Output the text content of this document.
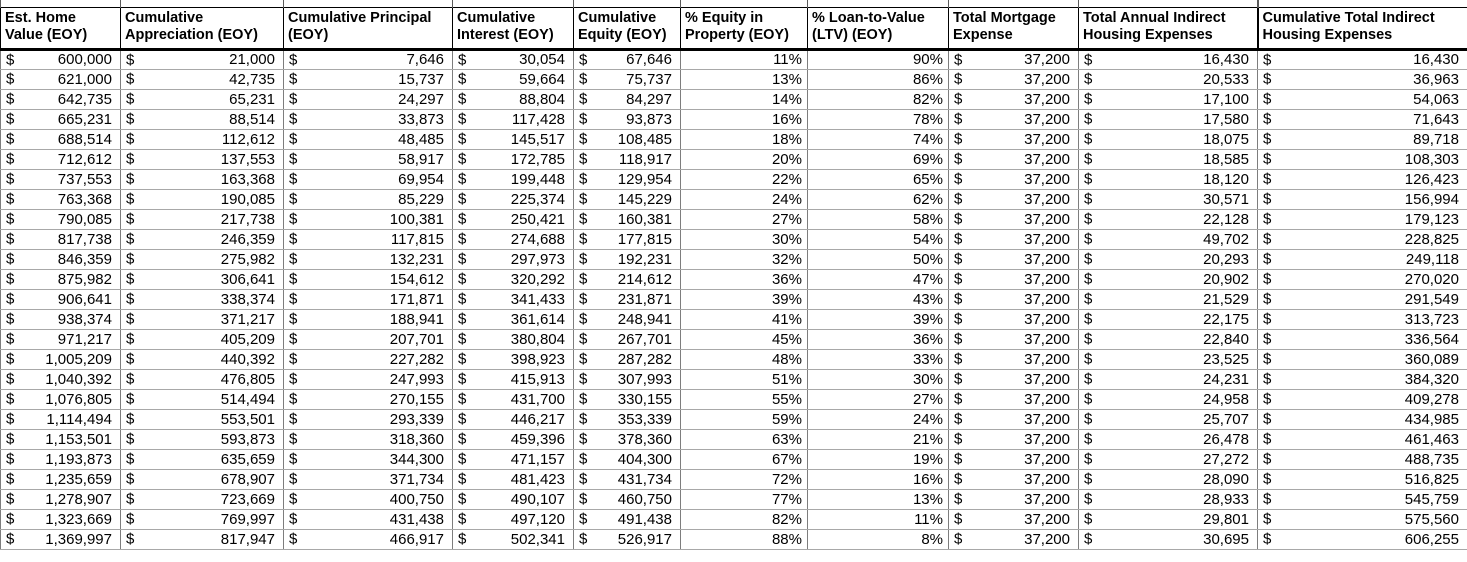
Est. Home Value (EOY)	Cumulative Appreciation (EOY)	Cumulative Principal (EOY)	Cumulative Interest (EOY)	Cumulative Equity (EOY)	% Equity in Property (EOY)	% Loan-to-Value (LTV) (EOY)	Total Mortgage Expense	Total Annual Indirect Housing Expenses	Cumulative Total Indirect Housing Expenses

$ 600,000	$ 21,000	$ 7,646	$ 30,054	$ 67,646	11%	90%	$ 37,200	$ 16,430	$ 16,430

$ 621,000	$ 42,735	$ 15,737	$ 59,664	$ 75,737	13%	86%	$ 37,200	$ 20,533	$ 36,963

$ 642,735	$ 65,231	$ 24,297	$ 88,804	$ 84,297	14%	82%	$ 37,200	$ 17,100	$ 54,063

$ 665,231	$ 88,514	$ 33,873	$ 117,428	$ 93,873	16%	78%	$ 37,200	$ 17,580	$ 71,643

$ 688,514	$ 112,612	$ 48,485	$ 145,517	$ 108,485	18%	74%	$ 37,200	$ 18,075	$ 89,718

$ 712,612	$ 137,553	$ 58,917	$ 172,785	$ 118,917	20%	69%	$ 37,200	$ 18,585	$ 108,303

$ 737,553	$ 163,368	$ 69,954	$ 199,448	$ 129,954	22%	65%	$ 37,200	$ 18,120	$ 126,423

$ 763,368	$ 190,085	$ 85,229	$ 225,374	$ 145,229	24%	62%	$ 37,200	$ 30,571	$ 156,994

$ 790,085	$ 217,738	$ 100,381	$ 250,421	$ 160,381	27%	58%	$ 37,200	$ 22,128	$ 179,123

$ 817,738	$ 246,359	$ 117,815	$ 274,688	$ 177,815	30%	54%	$ 37,200	$ 49,702	$ 228,825

$ 846,359	$ 275,982	$ 132,231	$ 297,973	$ 192,231	32%	50%	$ 37,200	$ 20,293	$ 249,118

$ 875,982	$ 306,641	$ 154,612	$ 320,292	$ 214,612	36%	47%	$ 37,200	$ 20,902	$ 270,020

$ 906,641	$ 338,374	$ 171,871	$ 341,433	$ 231,871	39%	43%	$ 37,200	$ 21,529	$ 291,549

$ 938,374	$ 371,217	$ 188,941	$ 361,614	$ 248,941	41%	39%	$ 37,200	$ 22,175	$ 313,723

$ 971,217	$ 405,209	$ 207,701	$ 380,804	$ 267,701	45%	36%	$ 37,200	$ 22,840	$ 336,564

$ 1,005,209	$ 440,392	$ 227,282	$ 398,923	$ 287,282	48%	33%	$ 37,200	$ 23,525	$ 360,089

$ 1,040,392	$ 476,805	$ 247,993	$ 415,913	$ 307,993	51%	30%	$ 37,200	$ 24,231	$ 384,320

$ 1,076,805	$ 514,494	$ 270,155	$ 431,700	$ 330,155	55%	27%	$ 37,200	$ 24,958	$ 409,278

$ 1,114,494	$ 553,501	$ 293,339	$ 446,217	$ 353,339	59%	24%	$ 37,200	$ 25,707	$ 434,985

$ 1,153,501	$ 593,873	$ 318,360	$ 459,396	$ 378,360	63%	21%	$ 37,200	$ 26,478	$ 461,463

$ 1,193,873	$ 635,659	$ 344,300	$ 471,157	$ 404,300	67%	19%	$ 37,200	$ 27,272	$ 488,735

$ 1,235,659	$ 678,907	$ 371,734	$ 481,423	$ 431,734	72%	16%	$ 37,200	$ 28,090	$ 516,825

$ 1,278,907	$ 723,669	$ 400,750	$ 490,107	$ 460,750	77%	13%	$ 37,200	$ 28,933	$ 545,759

$ 1,323,669	$ 769,997	$ 431,438	$ 497,120	$ 491,438	82%	11%	$ 37,200	$ 29,801	$ 575,560

$ 1,369,997	$ 817,947	$ 466,917	$ 502,341	$ 526,917	88%	8%	$ 37,200	$ 30,695	$ 606,255
